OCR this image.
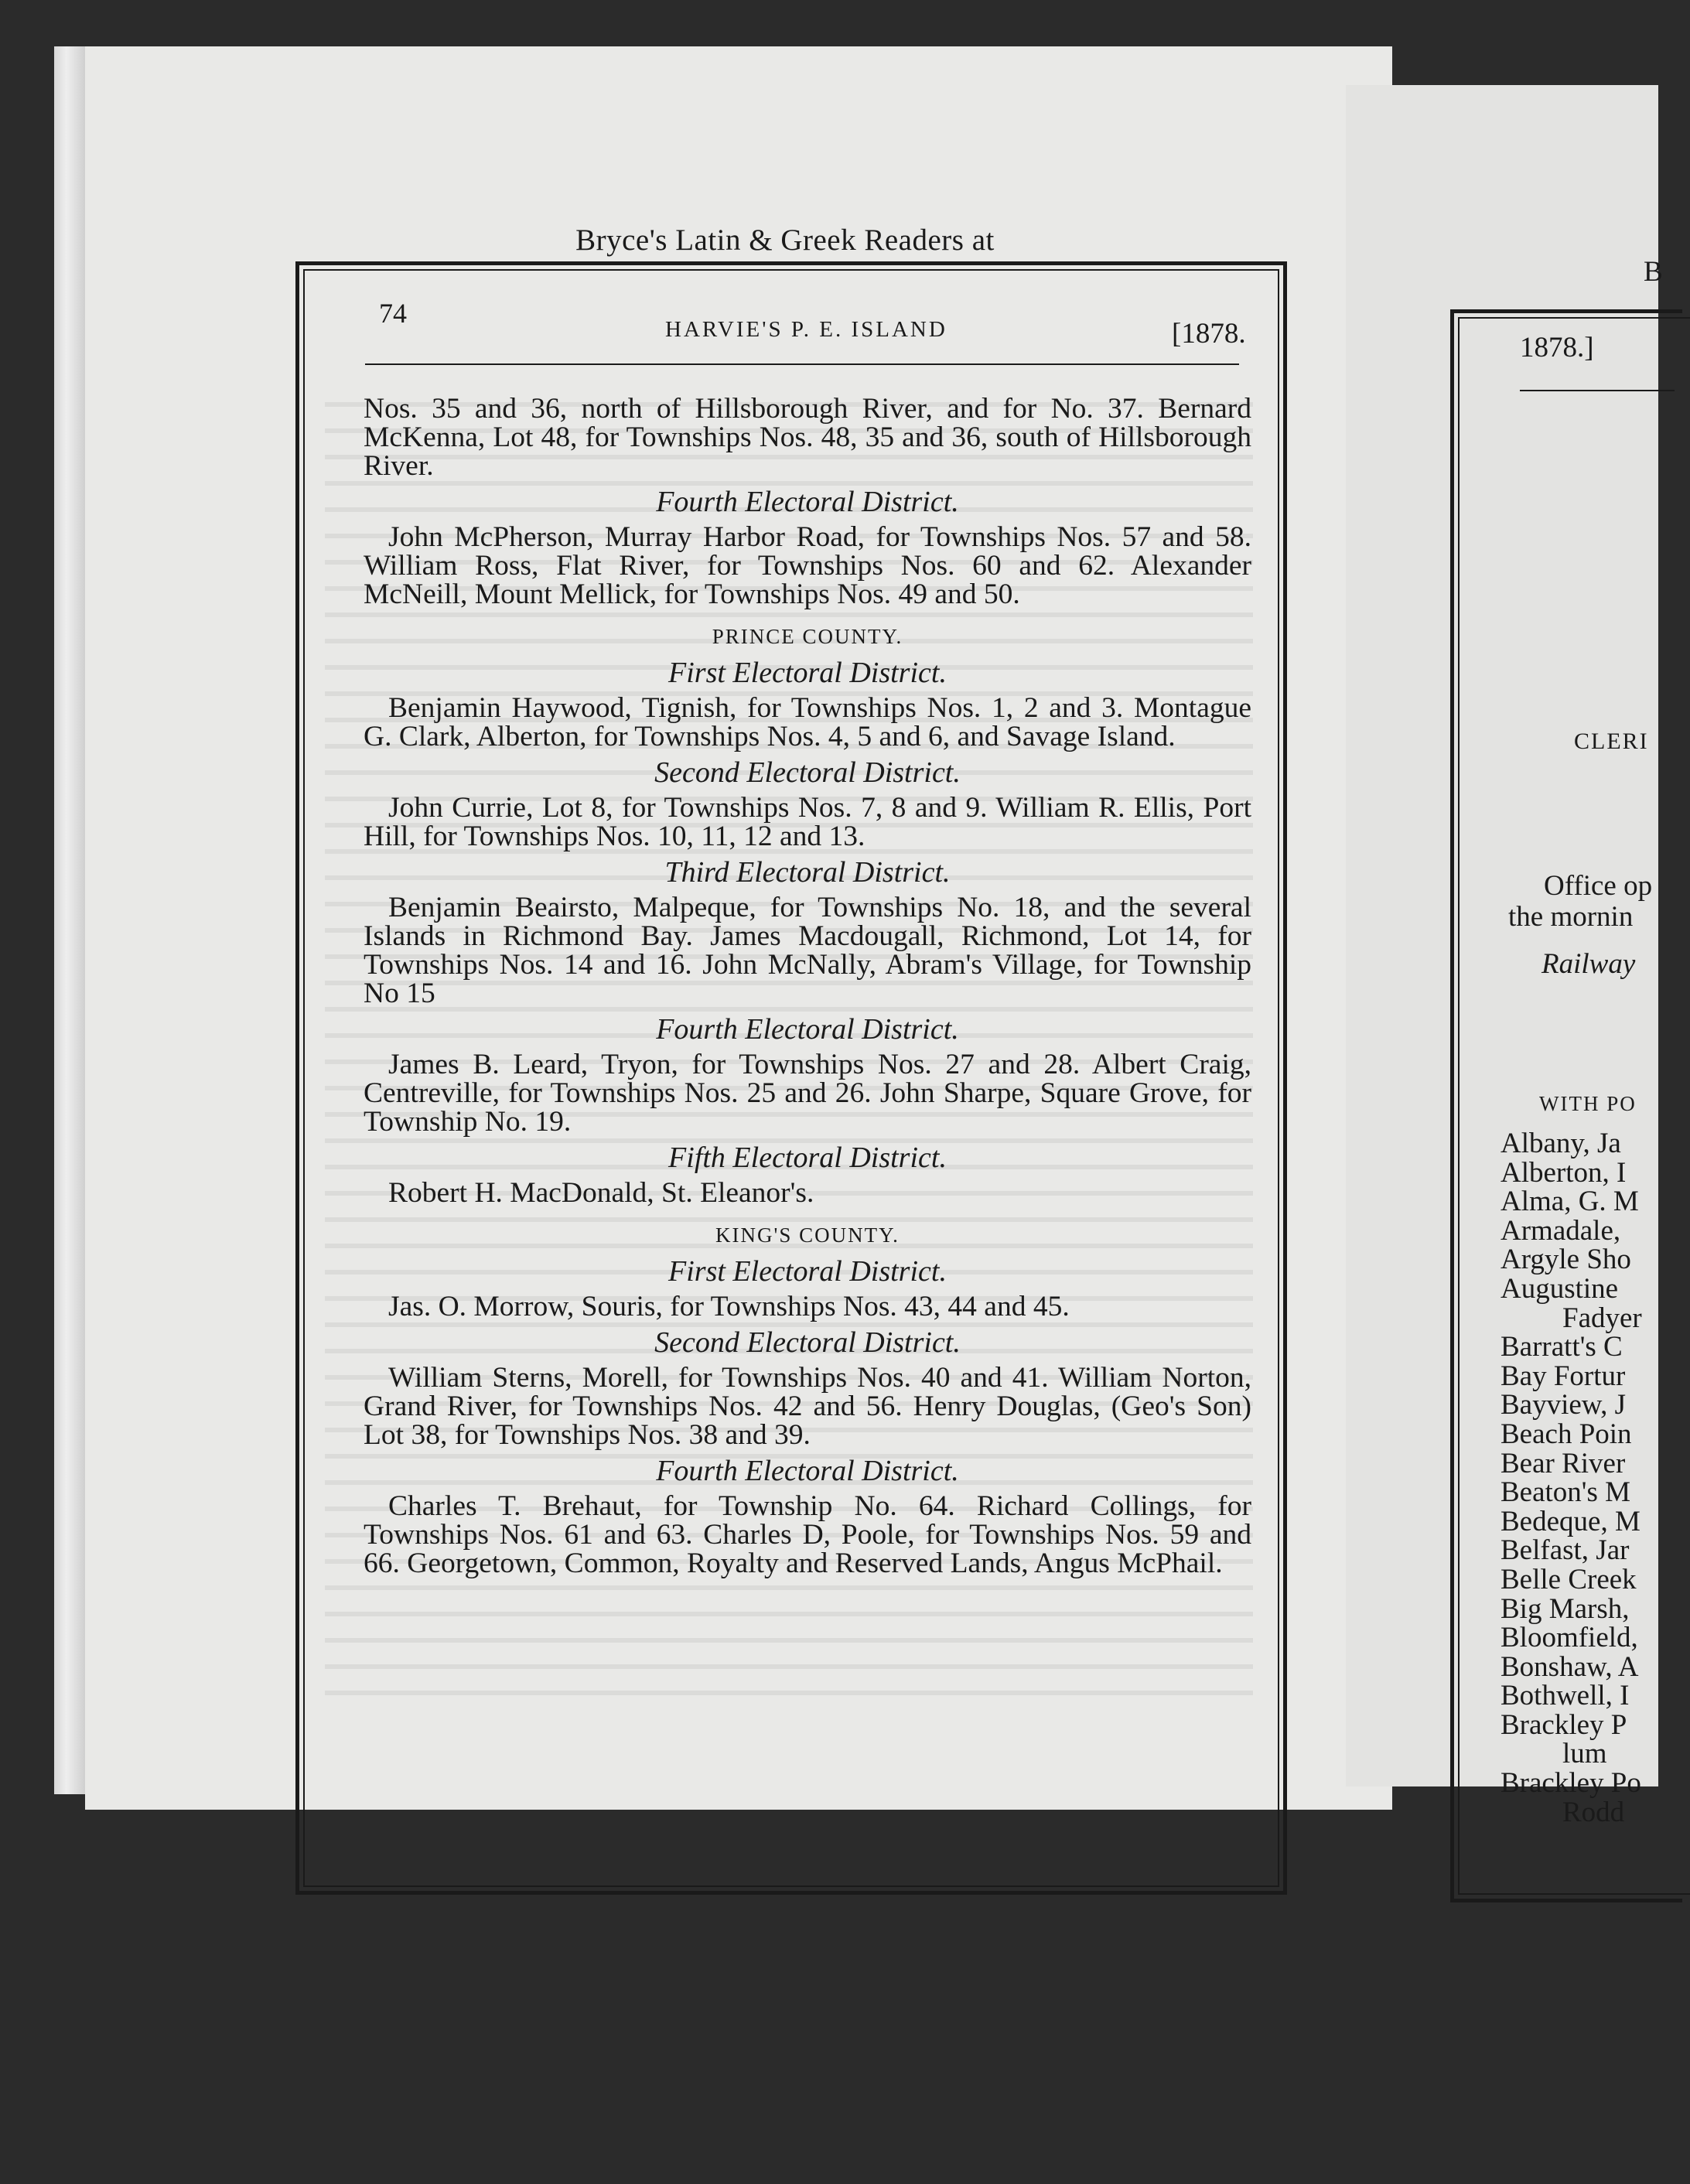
Bryce's Latin & Greek Readers at
74
HARVIE'S P. E. ISLAND	[1878.

Nos. 35 and 36, north of Hillsborough River, and for No. 37. Bernard McKenna, Lot 48, for Townships Nos. 48, 35 and 36, south of Hillsborough River.

Fourth Electoral District.

John McPherson, Murray Harbor Road, for Townships Nos. 57 and 58. William Ross, Flat River, for Townships Nos. 60 and 62. Alexander McNeill, Mount Mellick, for Townships Nos. 49 and 50.

PRINCE COUNTY.

First Electoral District.

Benjamin Haywood, Tignish, for Townships Nos. 1, 2 and 3. Montague G. Clark, Alberton, for Townships Nos. 4, 5 and 6, and Savage Island.

Second Electoral District.

John Currie, Lot 8, for Townships Nos. 7, 8 and 9. William R. Ellis, Port Hill, for Townships Nos. 10, 11, 12 and 13.

Third Electoral District.

Benjamin Beairsto, Malpeque, for Townships No. 18, and the several Islands in Richmond Bay. James Macdougall, Richmond, Lot 14, for Townships Nos. 14 and 16. John McNally, Abram's Village, for Township No 15

Fourth Electoral District.

James B. Leard, Tryon, for Townships Nos. 27 and 28. Albert Craig, Centreville, for Townships Nos. 25 and 26. John Sharpe, Square Grove, for Township No. 19.

Fifth Electoral District.

Robert H. MacDonald, St. Eleanor's.

KING'S COUNTY.

First Electoral District.

Jas. O. Morrow, Souris, for Townships Nos. 43, 44 and 45.

Second Electoral District.

William Sterns, Morell, for Townships Nos. 40 and 41. William Norton, Grand River, for Townships Nos. 42 and 56. Henry Douglas, (Geo's Son) Lot 38, for Townships Nos. 38 and 39.

Fourth Electoral District.

Charles T. Brehaut, for Township No. 64. Richard Collings, for Townships Nos. 61 and 63. Charles D, Poole, for Townships Nos. 59 and 66. Georgetown, Common, Royalty and Reserved Lands, Angus McPhail.

B
1878.]
CLERI
Office op
the mornin
Railway
WITH PO
Albany, Ja
Alberton, I
Alma, G. M
Armadale,
Argyle Sho
Augustine
Fadyer
Barratt's C
Bay Fortur
Bayview, J
Beach Poin
Bear River
Beaton's M
Bedeque, M
Belfast, Jar
Belle Creek
Big Marsh,
Bloomfield,
Bonshaw, A
Bothwell, I
Brackley P
lum
Brackley Po
Rodd
